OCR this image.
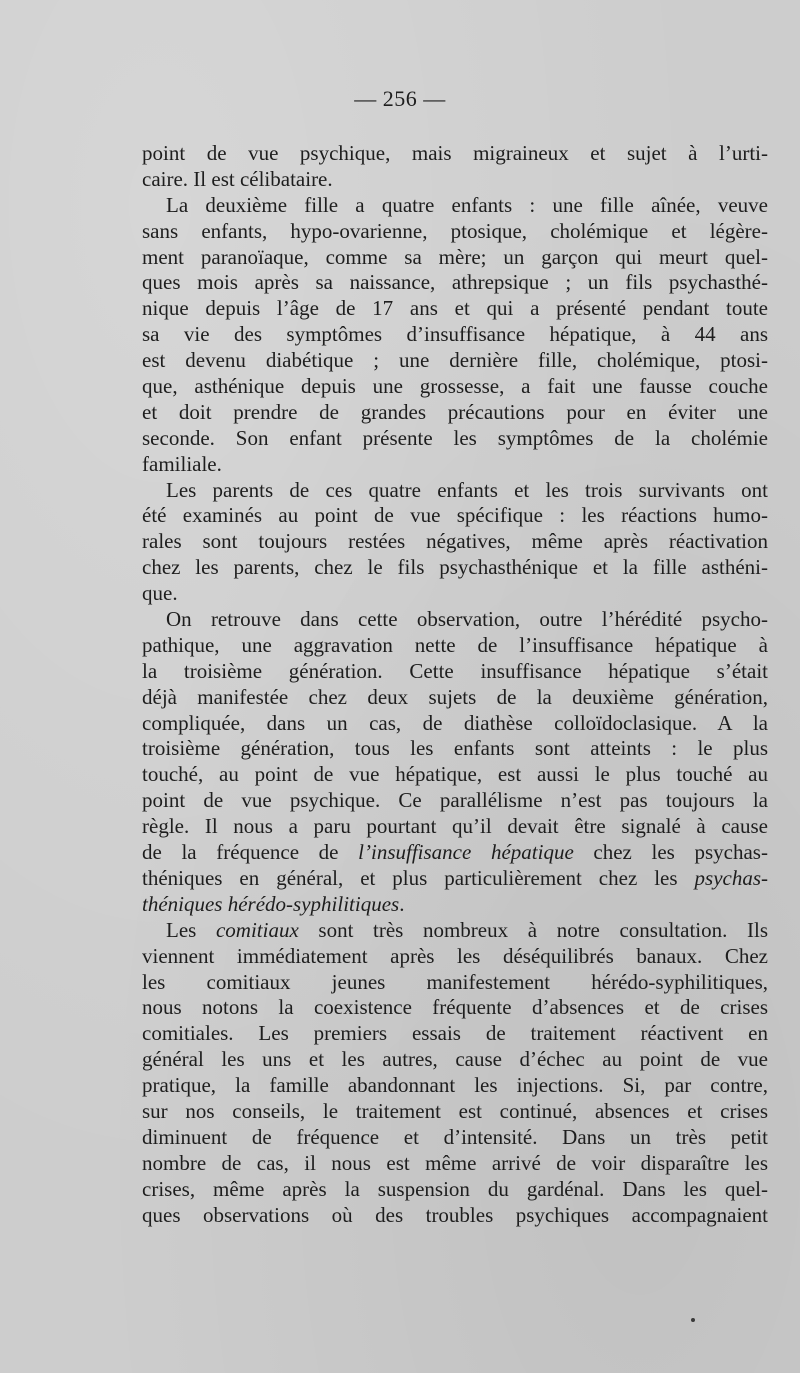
— 256 —
point de vue psychique, mais migraineux et sujet à l’urti-
caire. Il est célibataire.
La deuxième fille a quatre enfants : une fille aînée, veuve
sans enfants, hypo-ovarienne, ptosique, cholémique et légère-
ment paranoïaque, comme sa mère; un garçon qui meurt quel-
ques mois après sa naissance, athrepsique ; un fils psychasthé-
nique depuis l’âge de 17 ans et qui a présenté pendant toute
sa vie des symptômes d’insuffisance hépatique, à 44 ans
est devenu diabétique ; une dernière fille, cholémique, ptosi-
que, asthénique depuis une grossesse, a fait une fausse couche
et doit prendre de grandes précautions pour en éviter une
seconde. Son enfant présente les symptômes de la cholémie
familiale.
Les parents de ces quatre enfants et les trois survivants ont
été examinés au point de vue spécifique : les réactions humo-
rales sont toujours restées négatives, même après réactivation
chez les parents, chez le fils psychasthénique et la fille asthéni-
que.
On retrouve dans cette observation, outre l’hérédité psycho-
pathique, une aggravation nette de l’insuffisance hépatique à
la troisième génération. Cette insuffisance hépatique s’était
déjà manifestée chez deux sujets de la deuxième génération,
compliquée, dans un cas, de diathèse colloïdoclasique. A la
troisième génération, tous les enfants sont atteints : le plus
touché, au point de vue hépatique, est aussi le plus touché au
point de vue psychique. Ce parallélisme n’est pas toujours la
règle. Il nous a paru pourtant qu’il devait être signalé à cause
de la fréquence de l’insuffisance hépatique chez les psychas-
théniques en général, et plus particulièrement chez les psychas-
théniques hérédo-syphilitiques.
Les comitiaux sont très nombreux à notre consultation. Ils
viennent immédiatement après les déséquilibrés banaux. Chez
les comitiaux jeunes manifestement hérédo-syphilitiques,
nous notons la coexistence fréquente d’absences et de crises
comitiales. Les premiers essais de traitement réactivent en
général les uns et les autres, cause d’échec au point de vue
pratique, la famille abandonnant les injections. Si, par contre,
sur nos conseils, le traitement est continué, absences et crises
diminuent de fréquence et d’intensité. Dans un très petit
nombre de cas, il nous est même arrivé de voir disparaître les
crises, même après la suspension du gardénal. Dans les quel-
ques observations où des troubles psychiques accompagnaient
